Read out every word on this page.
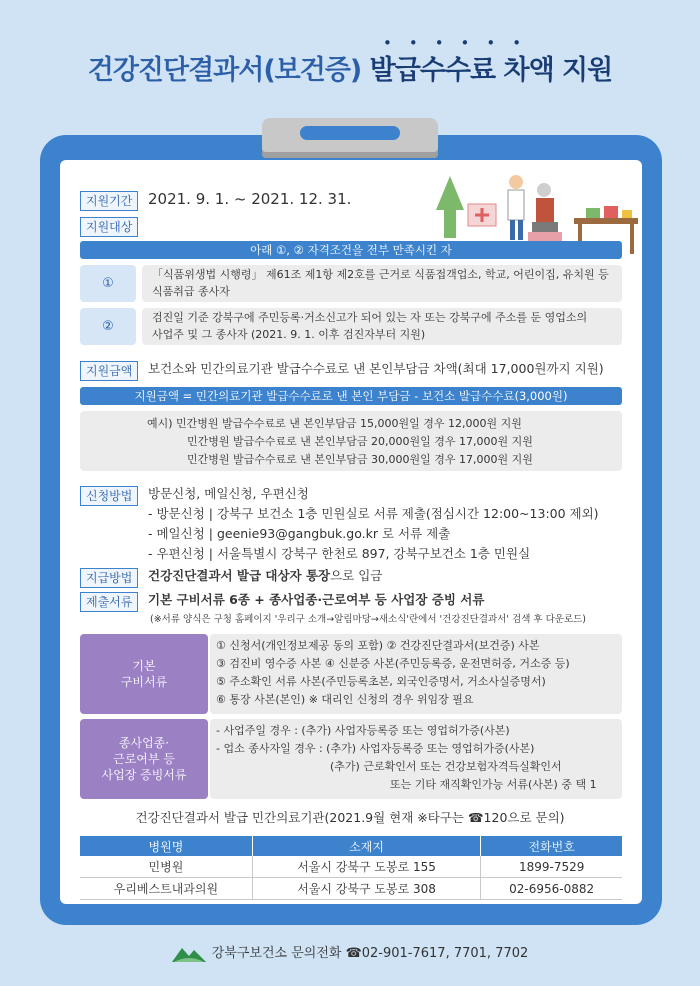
건강진단결과서(보건증) 발급수수료 차액 지원
••••••
지원기간	2021. 9. 1. ~ 2021. 12. 31.
지원대상
아래 ①, ② 자격조건을 전부 만족시킨 자
①
「식품위생법 시행령」 제61조 제1항 제2호를 근거로 식품접객업소, 학교, 어린이집, 유치원 등
식품취급 종사자
②
검진일 기준 강북구에 주민등록·거소신고가 되어 있는 자 또는 강북구에 주소를 둔 영업소의
사업주 및 그 종사자 (2021. 9. 1. 이후 검진자부터 지원)
지원금액	보건소와 민간의료기관 발급수수료로 낸 본인부담금 차액(최대 17,000원까지 지원)
지원금액 = 민간의료기관 발급수수료로 낸 본인 부담금 - 보건소 발급수수료(3,000원)
예시) 민간병원 발급수수료로 낸 본인부담금 15,000원일 경우 12,000원 지원
민간병원 발급수수료로 낸 본인부담금 20,000원일 경우 17,000원 지원
민간병원 발급수수료로 낸 본인부담금 30,000원일 경우 17,000원 지원
신청방법	방문신청, 메일신청, 우편신청
- 방문신청 | 강북구 보건소 1층 민원실로 서류 제출(점심시간 12:00~13:00 제외)
- 메일신청 | geenie93@gangbuk.go.kr 로 서류 제출
- 우편신청 | 서울특별시 강북구 한천로 897, 강북구보건소 1층 민원실
지급방법	건강진단결과서 발급 대상자 통장으로 입금
제출서류	기본 구비서류 6종 + 종사업종·근로여부 등 사업장 증빙 서류
(※서류 양식은 구청 홈페이지 '우리구 소개→알림마당→새소식'란에서 '건강진단결과서' 검색 후 다운로드)
기본
구비서류
① 신청서(개인정보제공 동의 포함) ② 건강진단결과서(보건증) 사본
③ 검진비 영수증 사본 ④ 신분증 사본(주민등록증, 운전면허증, 거소증 등)
⑤ 주소확인 서류 사본(주민등록초본, 외국인증명서, 거소사실증명서)
⑥ 통장 사본(본인) ※ 대리인 신청의 경우 위임장 필요
종사업종·
근로여부 등
사업장 증빙서류
- 사업주일 경우 : (추가) 사업자등록증 또는 영업허가증(사본)
- 업소 종사자일 경우 : (추가) 사업자등록증 또는 영업허가증(사본)
(추가) 근로확인서 또는 건강보험자격득실확인서
또는 기타 재직확인가능 서류(사본) 중 택 1
건강진단결과서 발급 민간의료기관(2021.9월 현재 ※타구는 ☎120으로 문의)
병원명	소재지	전화번호
민병원	서울시 강북구 도봉로 155	1899-7529
우리베스트내과의원	서울시 강북구 도봉로 308	02-6956-0882
강북구보건소 문의전화 ☎02-901-7617, 7701, 7702
